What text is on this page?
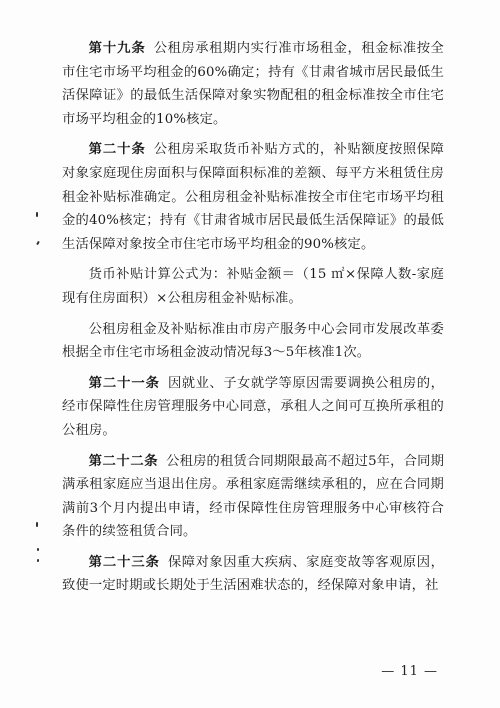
第十九条 公租房承租期内实行准市场租金，租金标准按全市住宅市场平均租金的60%确定；持有《甘肃省城市居民最低生活保障证》的最低生活保障对象实物配租的租金标准按全市住宅市场平均租金的10%核定。

第二十条 公租房采取货币补贴方式的，补贴额度按照保障对象家庭现住房面积与保障面积标准的差额、每平方米租赁住房租金补贴标准确定。公租房租金补贴标准按全市住宅市场平均租金的40%核定；持有《甘肃省城市居民最低生活保障证》的最低生活保障对象按全市住宅市场平均租金的90%核定。

货币补贴计算公式为：补贴金额＝（15 ㎡×保障人数-家庭现有住房面积）×公租房租金补贴标准。

公租房租金及补贴标准由市房产服务中心会同市发展改革委根据全市住宅市场租金波动情况每3～5年核准1次。

第二十一条 因就业、子女就学等原因需要调换公租房的，经市保障性住房管理服务中心同意，承租人之间可互换所承租的公租房。

第二十二条 公租房的租赁合同期限最高不超过5年，合同期满承租家庭应当退出住房。承租家庭需继续承租的，应在合同期满前3个月内提出申请，经市保障性住房管理服务中心审核符合条件的续签租赁合同。

第二十三条 保障对象因重大疾病、家庭变故等客观原因，致使一定时期或长期处于生活困难状态的，经保障对象申请，社

— 11 —
